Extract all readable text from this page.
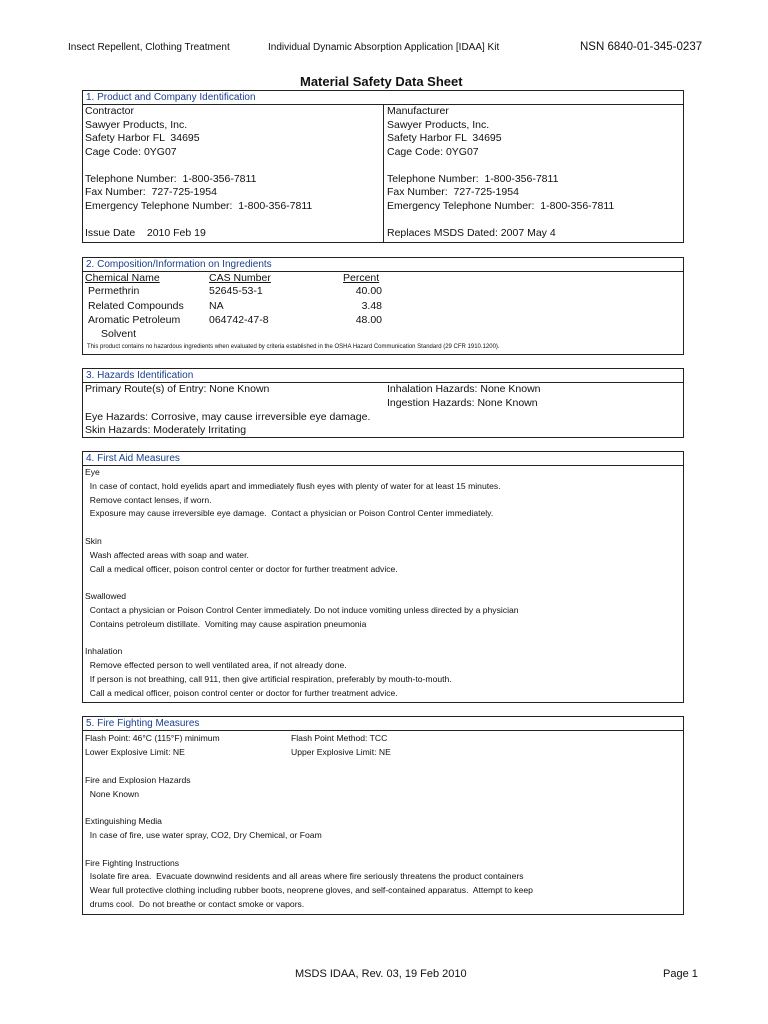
Insect Repellent, Clothing Treatment	Individual Dynamic Absorption Application [IDAA] Kit	NSN 6840-01-345-0237
Material Safety Data Sheet
1. Product and Company Identification
Contractor
Sawyer Products, Inc.
Safety Harbor FL  34695
Cage Code: 0YG07
Telephone Number:  1-800-356-7811
Fax Number:  727-725-1954
Emergency Telephone Number:  1-800-356-7811
Issue Date    2010 Feb 19
Manufacturer
Sawyer Products, Inc.
Safety Harbor FL  34695
Cage Code: 0YG07
Telephone Number:  1-800-356-7811
Fax Number:  727-725-1954
Emergency Telephone Number:  1-800-356-7811
Replaces MSDS Dated: 2007 May 4
2. Composition/Information on Ingredients
Chemical Name	CAS Number	Percent
Permethrin	52645-53-1	40.00
Related Compounds NA	3.48
Aromatic Petroleum	064742-47-8	48.00
Solvent
This product contains no hazardous ingredients when evaluated by criteria established in the OSHA Hazard Communication Standard (29 CFR 1910.1200).
3. Hazards Identification
Primary Route(s) of Entry: None Known	Inhalation Hazards: None Known
Ingestion Hazards: None Known
Eye Hazards: Corrosive, may cause irreversible eye damage.
Skin Hazards: Moderately Irritating
4. First Aid Measures
Eye
In case of contact, hold eyelids apart and immediately flush eyes with plenty of water for at least 15 minutes.
Remove contact lenses, if worn.
Exposure may cause irreversible eye damage.  Contact a physician or Poison Control Center immediately.
Skin
Wash affected areas with soap and water.
Call a medical officer, poison control center or doctor for further treatment advice.
Swallowed
Contact a physician or Poison Control Center immediately. Do not induce vomiting unless directed by a physician
Contains petroleum distillate.  Vomiting may cause aspiration pneumonia
Inhalation
Remove effected person to well ventilated area, if not already done.
If person is not breathing, call 911, then give artificial respiration, preferably by mouth-to-mouth.
Call a medical officer, poison control center or doctor for further treatment advice.
5. Fire Fighting Measures
Flash Point: 46°C (115°F) minimum	Flash Point Method: TCC
Lower Explosive Limit: NE	Upper Explosive Limit: NE
Fire and Explosion Hazards
None Known
Extinguishing Media
In case of fire, use water spray, CO2, Dry Chemical, or Foam
Fire Fighting Instructions
Isolate fire area.  Evacuate downwind residents and all areas where fire seriously threatens the product containers
Wear full protective clothing including rubber boots, neoprene gloves, and self-contained apparatus.  Attempt to keep
drums cool.  Do not breathe or contact smoke or vapors.
MSDS IDAA, Rev. 03, 19 Feb 2010	Page 1
